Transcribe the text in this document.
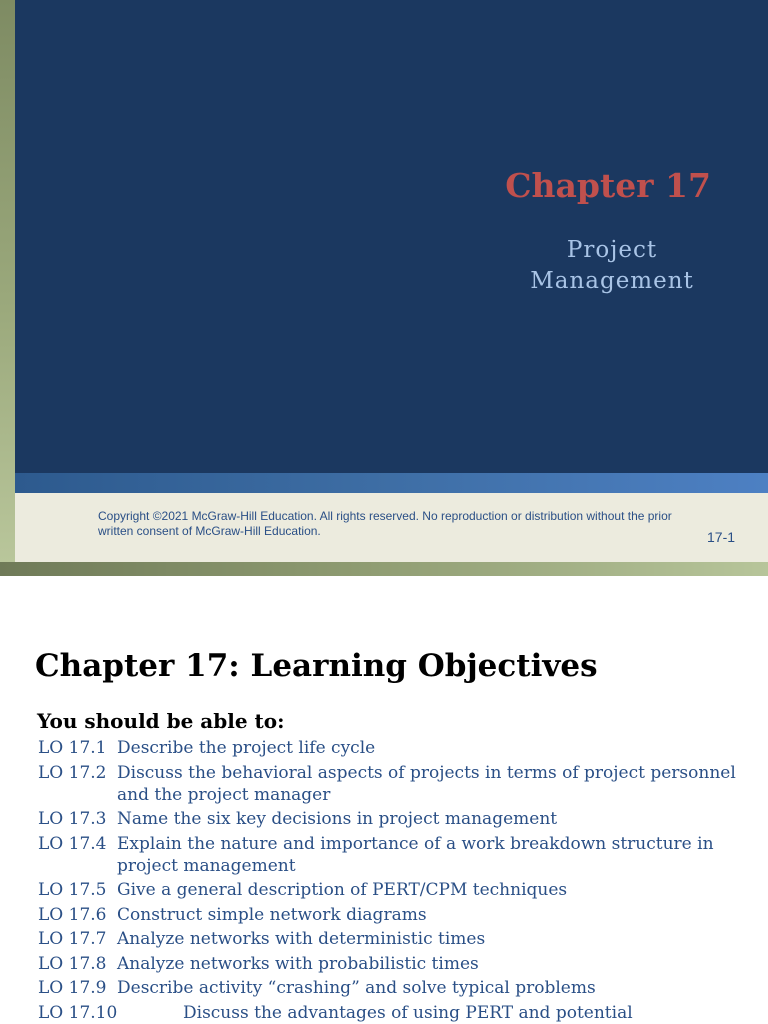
Chapter 17
Project Management
Copyright ©2021 McGraw-Hill Education. All rights reserved. No reproduction or distribution without the prior written consent of McGraw-Hill Education.	17-1
Chapter 17: Learning Objectives
You should be able to:
LO 17.1 Describe the project life cycle
LO 17.2 Discuss the behavioral aspects of projects in terms of project personnel and the project manager
LO 17.3 Name the six key decisions in project management
LO 17.4 Explain the nature and importance of a work breakdown structure in project management
LO 17.5 Give a general description of PERT/CPM techniques
LO 17.6 Construct simple network diagrams
LO 17.7 Analyze networks with deterministic times
LO 17.8 Analyze networks with probabilistic times
LO 17.9 Describe activity “crashing” and solve typical problems
LO 17.10	Discuss the advantages of using PERT and potential
